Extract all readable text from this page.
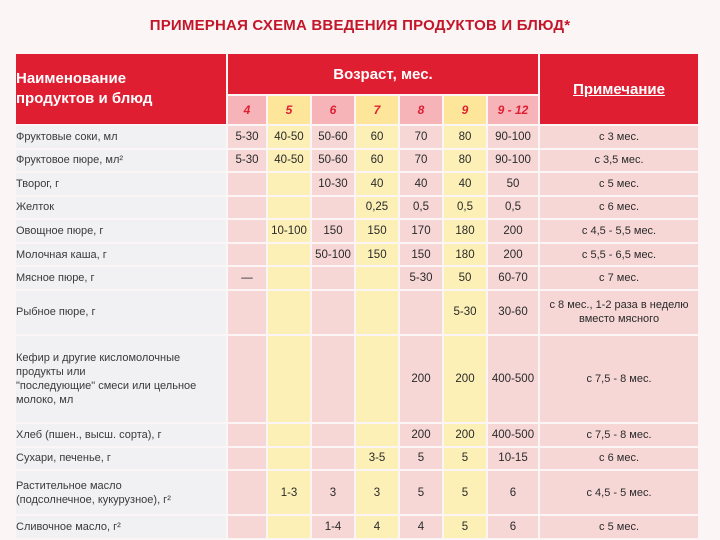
ПРИМЕРНАЯ СХЕМА ВВЕДЕНИЯ ПРОДУКТОВ И БЛЮД*
Наименование
продуктов и блюд	Возраст, мес.							Примечание
	4	5	6	7	8	9	9 - 12	

Фруктовые соки, мл	5-30	40-50	50-60	60	70	80	90-100	с 3 мес.

Фруктовое пюре, мл²	5-30	40-50	50-60	60	70	80	90-100	с 3,5 мес.

Творог, г			10-30	40	40	40	50	с 5 мес.

Желток				0,25	0,5	0,5	0,5	с 6 мес.

Овощное пюре, г		10-100	150	150	170	180	200	с 4,5 - 5,5 мес.

Молочная каша, г			50-100	150	150	180	200	с 5,5 - 6,5 мес.

Мясное пюре, г	—				5-30	50	60-70	с 7 мес.

Рыбное пюре, г						5-30	30-60	с 8 мес., 1-2 раза в неделю
вместо мясного

Кефир и другие кисломолочные продукты или
"последующие" смеси или цельное молоко, мл					200	200	400-500	с 7,5 - 8 мес.

Хлеб (пшен., высш. сорта), г					200	200	400-500	с 7,5 - 8 мес.

Сухари, печенье, г				3-5	5	5	10-15	с 6 мес.

Растительное масло
(подсолнечное, кукурузное), г²		1-3	3	3	5	5	6	с 4,5 - 5 мес.

Сливочное масло, г²			1-4	4	4	5	6	с 5 мес.
